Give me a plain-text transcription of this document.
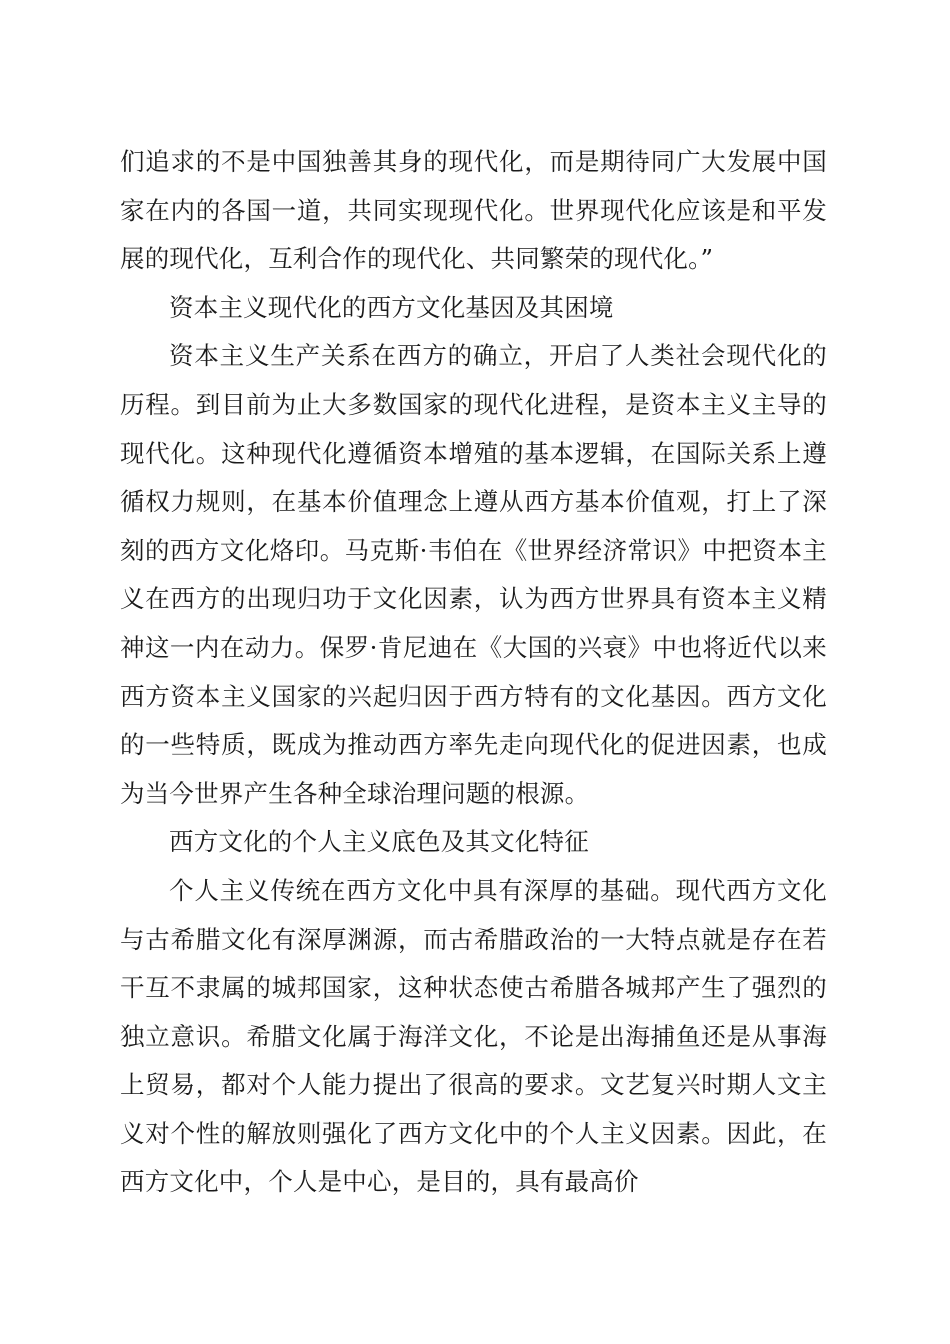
们追求的不是中国独善其身的现代化，而是期待同广大发展中国家在内的各国一道，共同实现现代化。世界现代化应该是和平发展的现代化，互利合作的现代化、共同繁荣的现代化。”

资本主义现代化的西方文化基因及其困境

资本主义生产关系在西方的确立，开启了人类社会现代化的历程。到目前为止大多数国家的现代化进程，是资本主义主导的现代化。这种现代化遵循资本增殖的基本逻辑，在国际关系上遵循权力规则，在基本价值理念上遵从西方基本价值观，打上了深刻的西方文化烙印。马克斯·韦伯在《世界经济常识》中把资本主义在西方的出现归功于文化因素，认为西方世界具有资本主义精神这一内在动力。保罗·肯尼迪在《大国的兴衰》中也将近代以来西方资本主义国家的兴起归因于西方特有的文化基因。西方文化的一些特质，既成为推动西方率先走向现代化的促进因素，也成为当今世界产生各种全球治理问题的根源。

西方文化的个人主义底色及其文化特征

个人主义传统在西方文化中具有深厚的基础。现代西方文化与古希腊文化有深厚渊源，而古希腊政治的一大特点就是存在若干互不隶属的城邦国家，这种状态使古希腊各城邦产生了强烈的独立意识。希腊文化属于海洋文化，不论是出海捕鱼还是从事海上贸易，都对个人能力提出了很高的要求。文艺复兴时期人文主义对个性的解放则强化了西方文化中的个人主义因素。因此，在西方文化中，个人是中心，是目的，具有最高价
